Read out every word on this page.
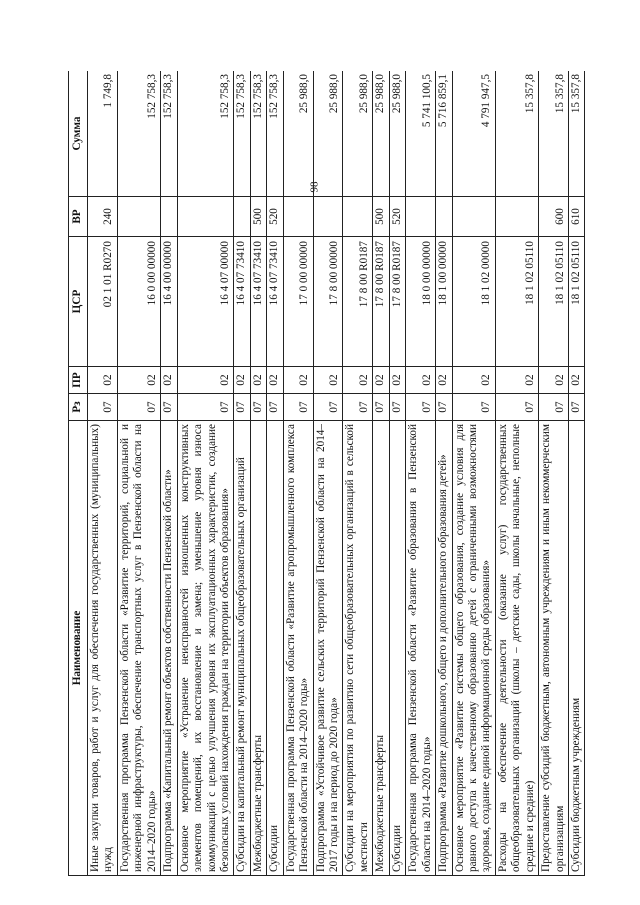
98
Наименование	Рз	ПР	ЦСР	ВР	Сумма
Иные закупки товаров, работ и услуг для обеспечения государственных (муниципальных) нужд	07	02	02 1 01 R0270	240	1 749,8
Государственная программа Пензенской области «Развитие территорий, социальной и инженерной инфраструктуры, обеспечение транспортных услуг в Пензенской области на 2014–2020 годы»	07	02	16 0 00 00000		152 758,3
Подпрограмма «Капитальный ремонт объектов собственности Пензенской области»	07	02	16 4 00 00000		152 758,3
Основное мероприятие «Устранение неисправностей изношенных конструктивных элементов помещений, их восстановление и замена; уменьшение уровня износа коммуникаций с целью улучшения уровня их эксплуатационных характеристик, создание безопасных условий нахождения граждан на территории объектов образования»	07	02	16 4 07 00000		152 758,3
Субсидии на капитальный ремонт муниципальных общеобразовательных организаций	07	02	16 4 07 73410		152 758,3
Межбюджетные трансферты	07	02	16 4 07 73410	500	152 758,3
Субсидии	07	02	16 4 07 73410	520	152 758,3
Государственная программа Пензенской области «Развитие агропромышленного комплекса Пензенской области на 2014–2020 годы»	07	02	17 0 00 00000		25 988,0
Подпрограмма «Устойчивое развитие сельских территорий Пензенской области на 2014–2017 годы и на период до 2020 года»	07	02	17 8 00 00000		25 988,0
Субсидии на мероприятия по развитию сети общеобразовательных организаций в сельской местности	07	02	17 8 00 R0187		25 988,0
Межбюджетные трансферты	07	02	17 8 00 R0187	500	25 988,0
Субсидии	07	02	17 8 00 R0187	520	25 988,0
Государственная программа Пензенской области «Развитие образования в Пензенской области на 2014–2020 годы»	07	02	18 0 00 00000		5 741 100,5
Подпрограмма «Развитие дошкольного, общего и дополнительного образования детей»	07	02	18 1 00 00000		5 716 859,1
Основное мероприятие «Развитие системы общего образования, создание условия для равного доступа к качественному образованию детей с ограниченными возможностями здоровья, создание единой информационной среды образования»	07	02	18 1 02 00000		4 791 947,5
Расходы на обеспечение деятельности (оказание услуг) государственных общеобразовательных организаций (школы – детские сады, школы начальные, неполные средние и средние)	07	02	18 1 02 05110		15 357,8
Предоставление субсидий бюджетным, автономным учреждениям и иным некоммерческим организациям	07	02	18 1 02 05110	600	15 357,8
Субсидии бюджетным учреждениям	07	02	18 1 02 05110	610	15 357,8
